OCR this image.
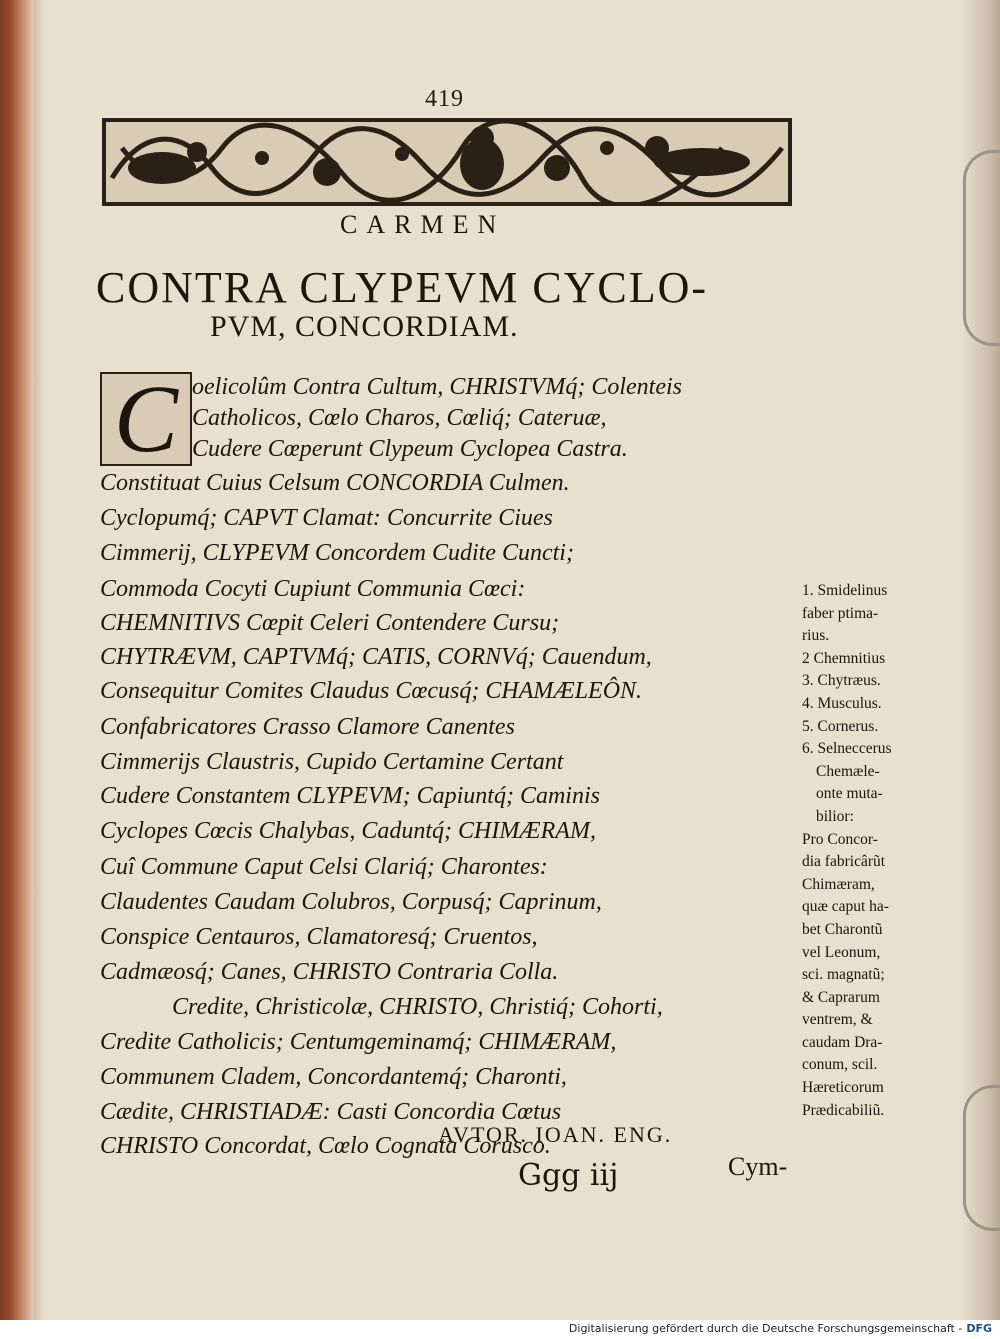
419
CARMEN
CONTRA CLYPEVM CYCLO-
PVM, CONCORDIAM.
C oelicolûm Contra Cultum, CHRISTVMq́; Colenteis
Catholicos, Cœlo Charos, Cœliq́; Cateruæ,
Cudere Cœperunt Clypeum Cyclopea Castra.
Constituat Cuius Celsum CONCORDIA Culmen.
Cyclopumq́; CAPVT Clamat: Concurrite Ciues
Cimmerij, CLYPEVM Concordem Cudite Cuncti;
Commoda Cocyti Cupiunt Communia Cœci:
CHEMNITIVS Cœpit Celeri Contendere Cursu;
CHYTRÆVM, CAPTVMq́; CATIS, CORNVq́; Cauendum,
Consequitur Comites Claudus Cœcusq́; CHAMÆLEÔN.
Confabricatores Crasso Clamore Canentes
Cimmerijs Claustris, Cupido Certamine Certant
Cudere Constantem CLYPEVM; Capiuntq́; Caminis
Cyclopes Cœcis Chalybas, Caduntq́; CHIMÆRAM,
Cuî Commune Caput Celsi Clariq́; Charontes:
Claudentes Caudam Colubros, Corpusq́; Caprinum,
Conspice Centauros, Clamatoresq́; Cruentos,
Cadmæosq́; Canes, CHRISTO Contraria Colla.
Credite, Christicolæ, CHRISTO, Christiq́; Cohorti,
Credite Catholicis; Centumgeminamq́; CHIMÆRAM,
Communem Cladem, Concordantemq́; Charonti,
Cædite, CHRISTIADÆ: Casti Concordia Cœtus
CHRISTO Concordat, Cœlo Cognata Corusco.
1. Smidelinus
faber ptima-
rius.
2 Chemnitius
3. Chytræus.
4. Musculus.
5. Cornerus.
6. Selneccerus
Chemæle-
onte muta-
bilior:
Pro Concor-
dia fabricârũt
Chimæram,
quæ caput ha-
bet Charontũ
vel Leonum,
sci. magnatũ;
& Caprarum
ventrem, &
caudam Dra-
conum, scil.
Hæreticorum
Prædicabiliũ.
AVTOR. IOAN. ENG.
Ggg iij	Cym-
Digitalisierung gefördert durch die Deutsche Forschungsgemeinschaft - DFG
